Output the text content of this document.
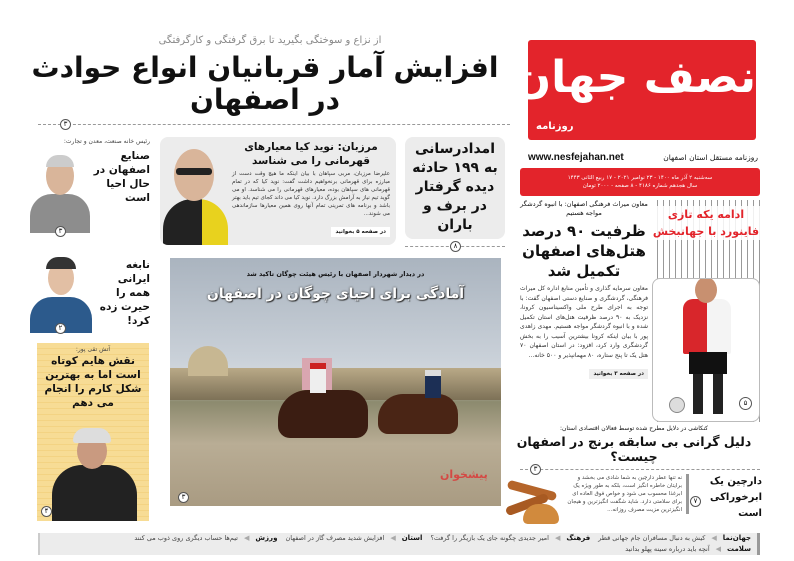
نصف جهان
روزنامه
www.nesfejahan.net	روزنامه مستقل استان اصفهان
سه‌شنبه ۲ آذر ماه ۱۴۰۰ - ۲۳ نوامبر ۲۰۲۱ - ۱۷ ربیع الثانی ۱۴۴۳
سال هجدهم شماره ۴۱۸۶ - ۸ صفحه - ۲۰۰۰ تومان
از نزاع و سوختگی بگیرید تا برق گرفتگی و کارگرفتگی
افزایش آمار قربانیان انواع حوادث در اصفهان
۳
امدادرسانی به ۱۹۹ حادثه دیده گرفتار در برف و باران
۸
مرزبان: نوید کیا معیارهای قهرمانی را می شناسد

علیرضا مرزبان، مربی سپاهان با بیان اینکه ما هیچ وقت دست از مبارزه برای قهرمانی برنخواهیم داشت گفت: نوید کیا که در تمام قهرمانی های سپاهان بوده، معیارهای قهرمانی را می شناسد. او می گوید تیم نیاز به آرامش بزرگ دارد. نوید کیا می داند کجای تیم باید بهتر باشد و برنامه های تمرینی تمام آنها روی همین معیارها سازماندهی می شوند...

در صفحه ۵ بخوانید
رئیس خانه صنعت، معدن و تجارت:
صنایع اصفهان در حال احیا است
۳
نابغه ایرانی همه را حیرت زده کرد!
۲
آتش تقی پور:
نقش هایم کوتاه است اما به بهترین شکل کارم را انجام می دهم
۴
در دیدار شهردار اصفهان با رئیس هیئت چوگان تاکید شد
آمادگی برای احیای چوگان در اصفهان
۳
معاون میراث فرهنگی اصفهان: با انبوه گردشگر مواجه هستیم
ظرفیت ۹۰ درصد هتل‌های اصفهان تکمیل شد

معاون سرمایه گذاری و تأمین منابع اداره کل میراث فرهنگی، گردشگری و صنایع دستی اصفهان گفت: با توجه به اجرای طرح ملی واکسیناسیون کرونا، نزدیک به ۹۰ درصد ظرفیت هتل‌های استان تکمیل شده و با انبوه گردشگر مواجه هستیم. مهدی زاهدی پور با بیان اینکه کرونا بیشترین آسیب را به بخش گردشگری وارد کرد، افزود: در استان اصفهان ۷۰ هتل یک تا پنج ستاره، ۸۰ مهمانپذیر و ۵۰۰ خانه...

در صفحه ۳ بخوانید
ادامه یکه تازی فاینورد با جهانبخش
۵
کنکاشی در دلایل مطرح شده توسط فعالان اقتصادی استان:
دلیل گرانی بی سابقه برنج در اصفهان چیست؟
۳
دارچین یک ابرخوراکی است
نه تنها عطر دارچین به شما شادی می بخشد و برایتان خاطره انگیز است، بلکه به طور ویژه یک ابرغذا محسوب می شود و خواص فوق العاده ای برای سلامتی دارد. شاید شگفت انگیزترین و هیجان انگیزترین مزیت مصرف روزانه...
۷
پیشخوان
جهان‌نما
◀
کیش به دنبال مسافران جام جهانی قطر
فرهنگ
◀
امیر جدیدی چگونه جای یک بازیگر را گرفت؟
استان
◀
افزایش شدید مصرف گاز در اصفهان
ورزش
◀
تیم‌ها حساب دیگری روی ذوب می کنند
سلامت
◀
آنچه باید درباره سینه پهلو بدانید
